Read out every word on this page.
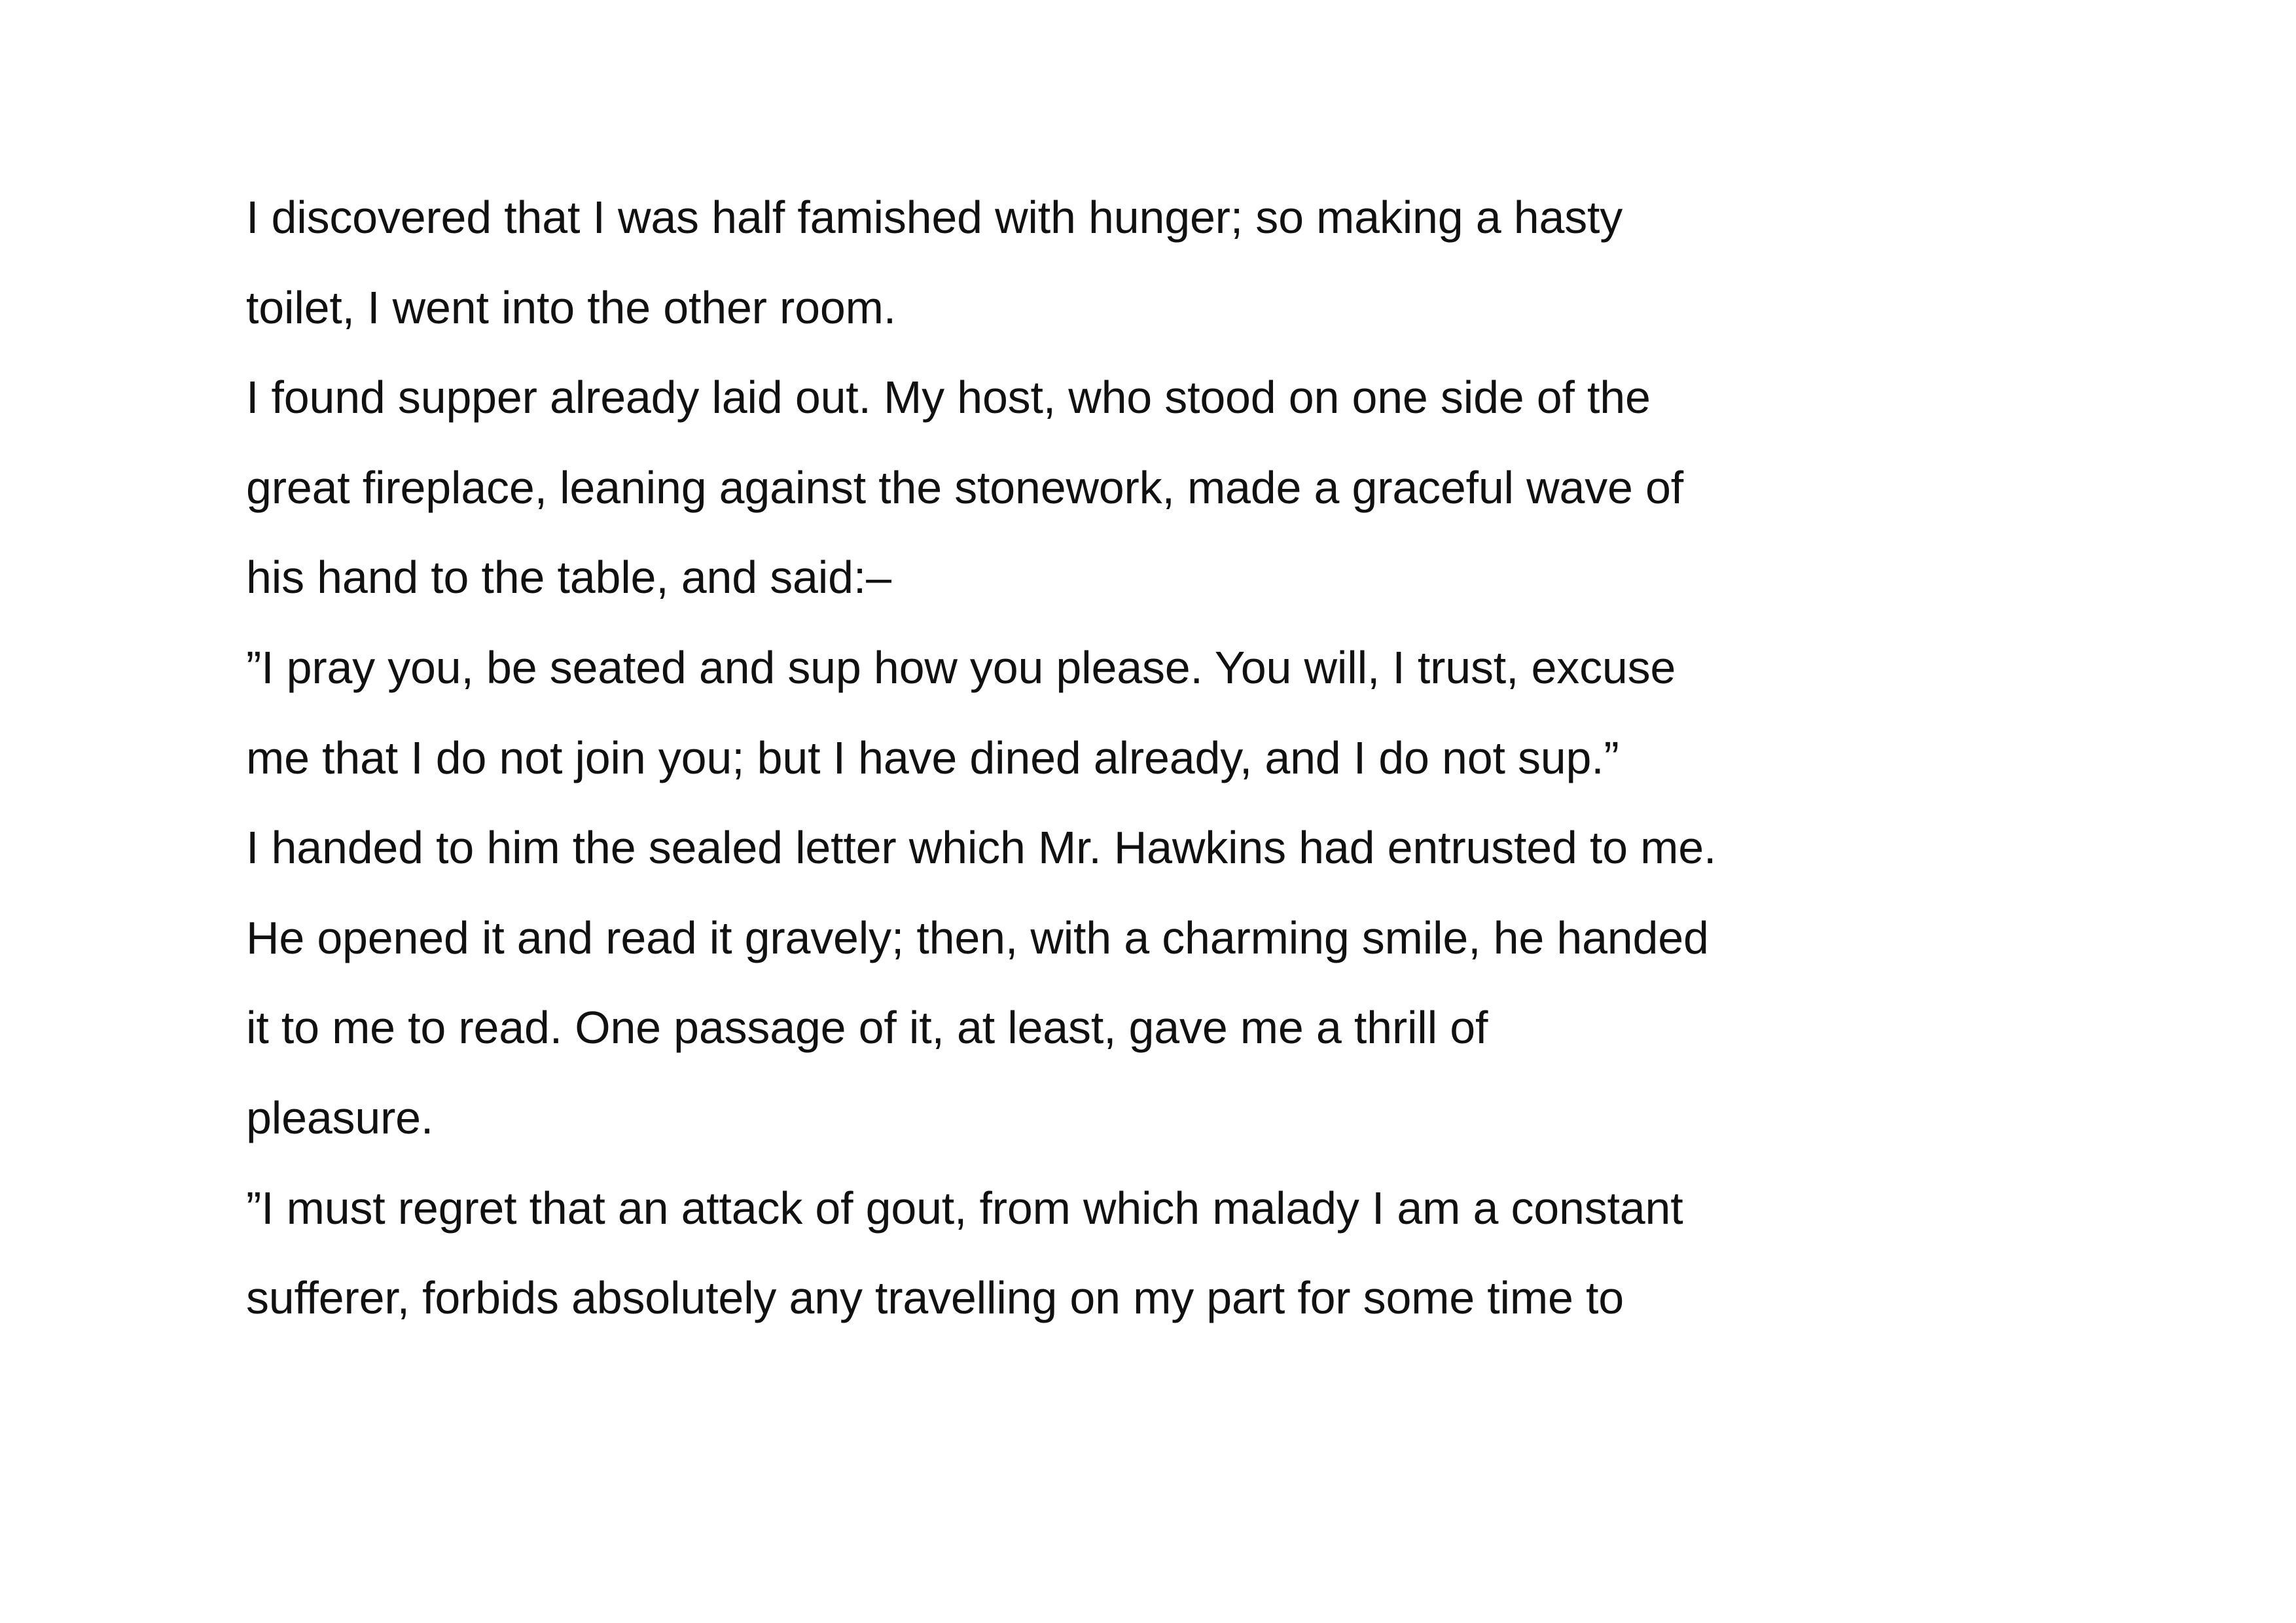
I discovered that I was half famished with hunger; so making a hasty
toilet, I went into the other room.
I found supper already laid out. My host, who stood on one side of the
great fireplace, leaning against the stonework, made a graceful wave of
his hand to the table, and said:–
”I pray you, be seated and sup how you please. You will, I trust, excuse
me that I do not join you; but I have dined already, and I do not sup.”
I handed to him the sealed letter which Mr. Hawkins had entrusted to me.
He opened it and read it gravely; then, with a charming smile, he handed
it to me to read. One passage of it, at least, gave me a thrill of
pleasure.
”I must regret that an attack of gout, from which malady I am a constant
sufferer, forbids absolutely any travelling on my part for some time to
